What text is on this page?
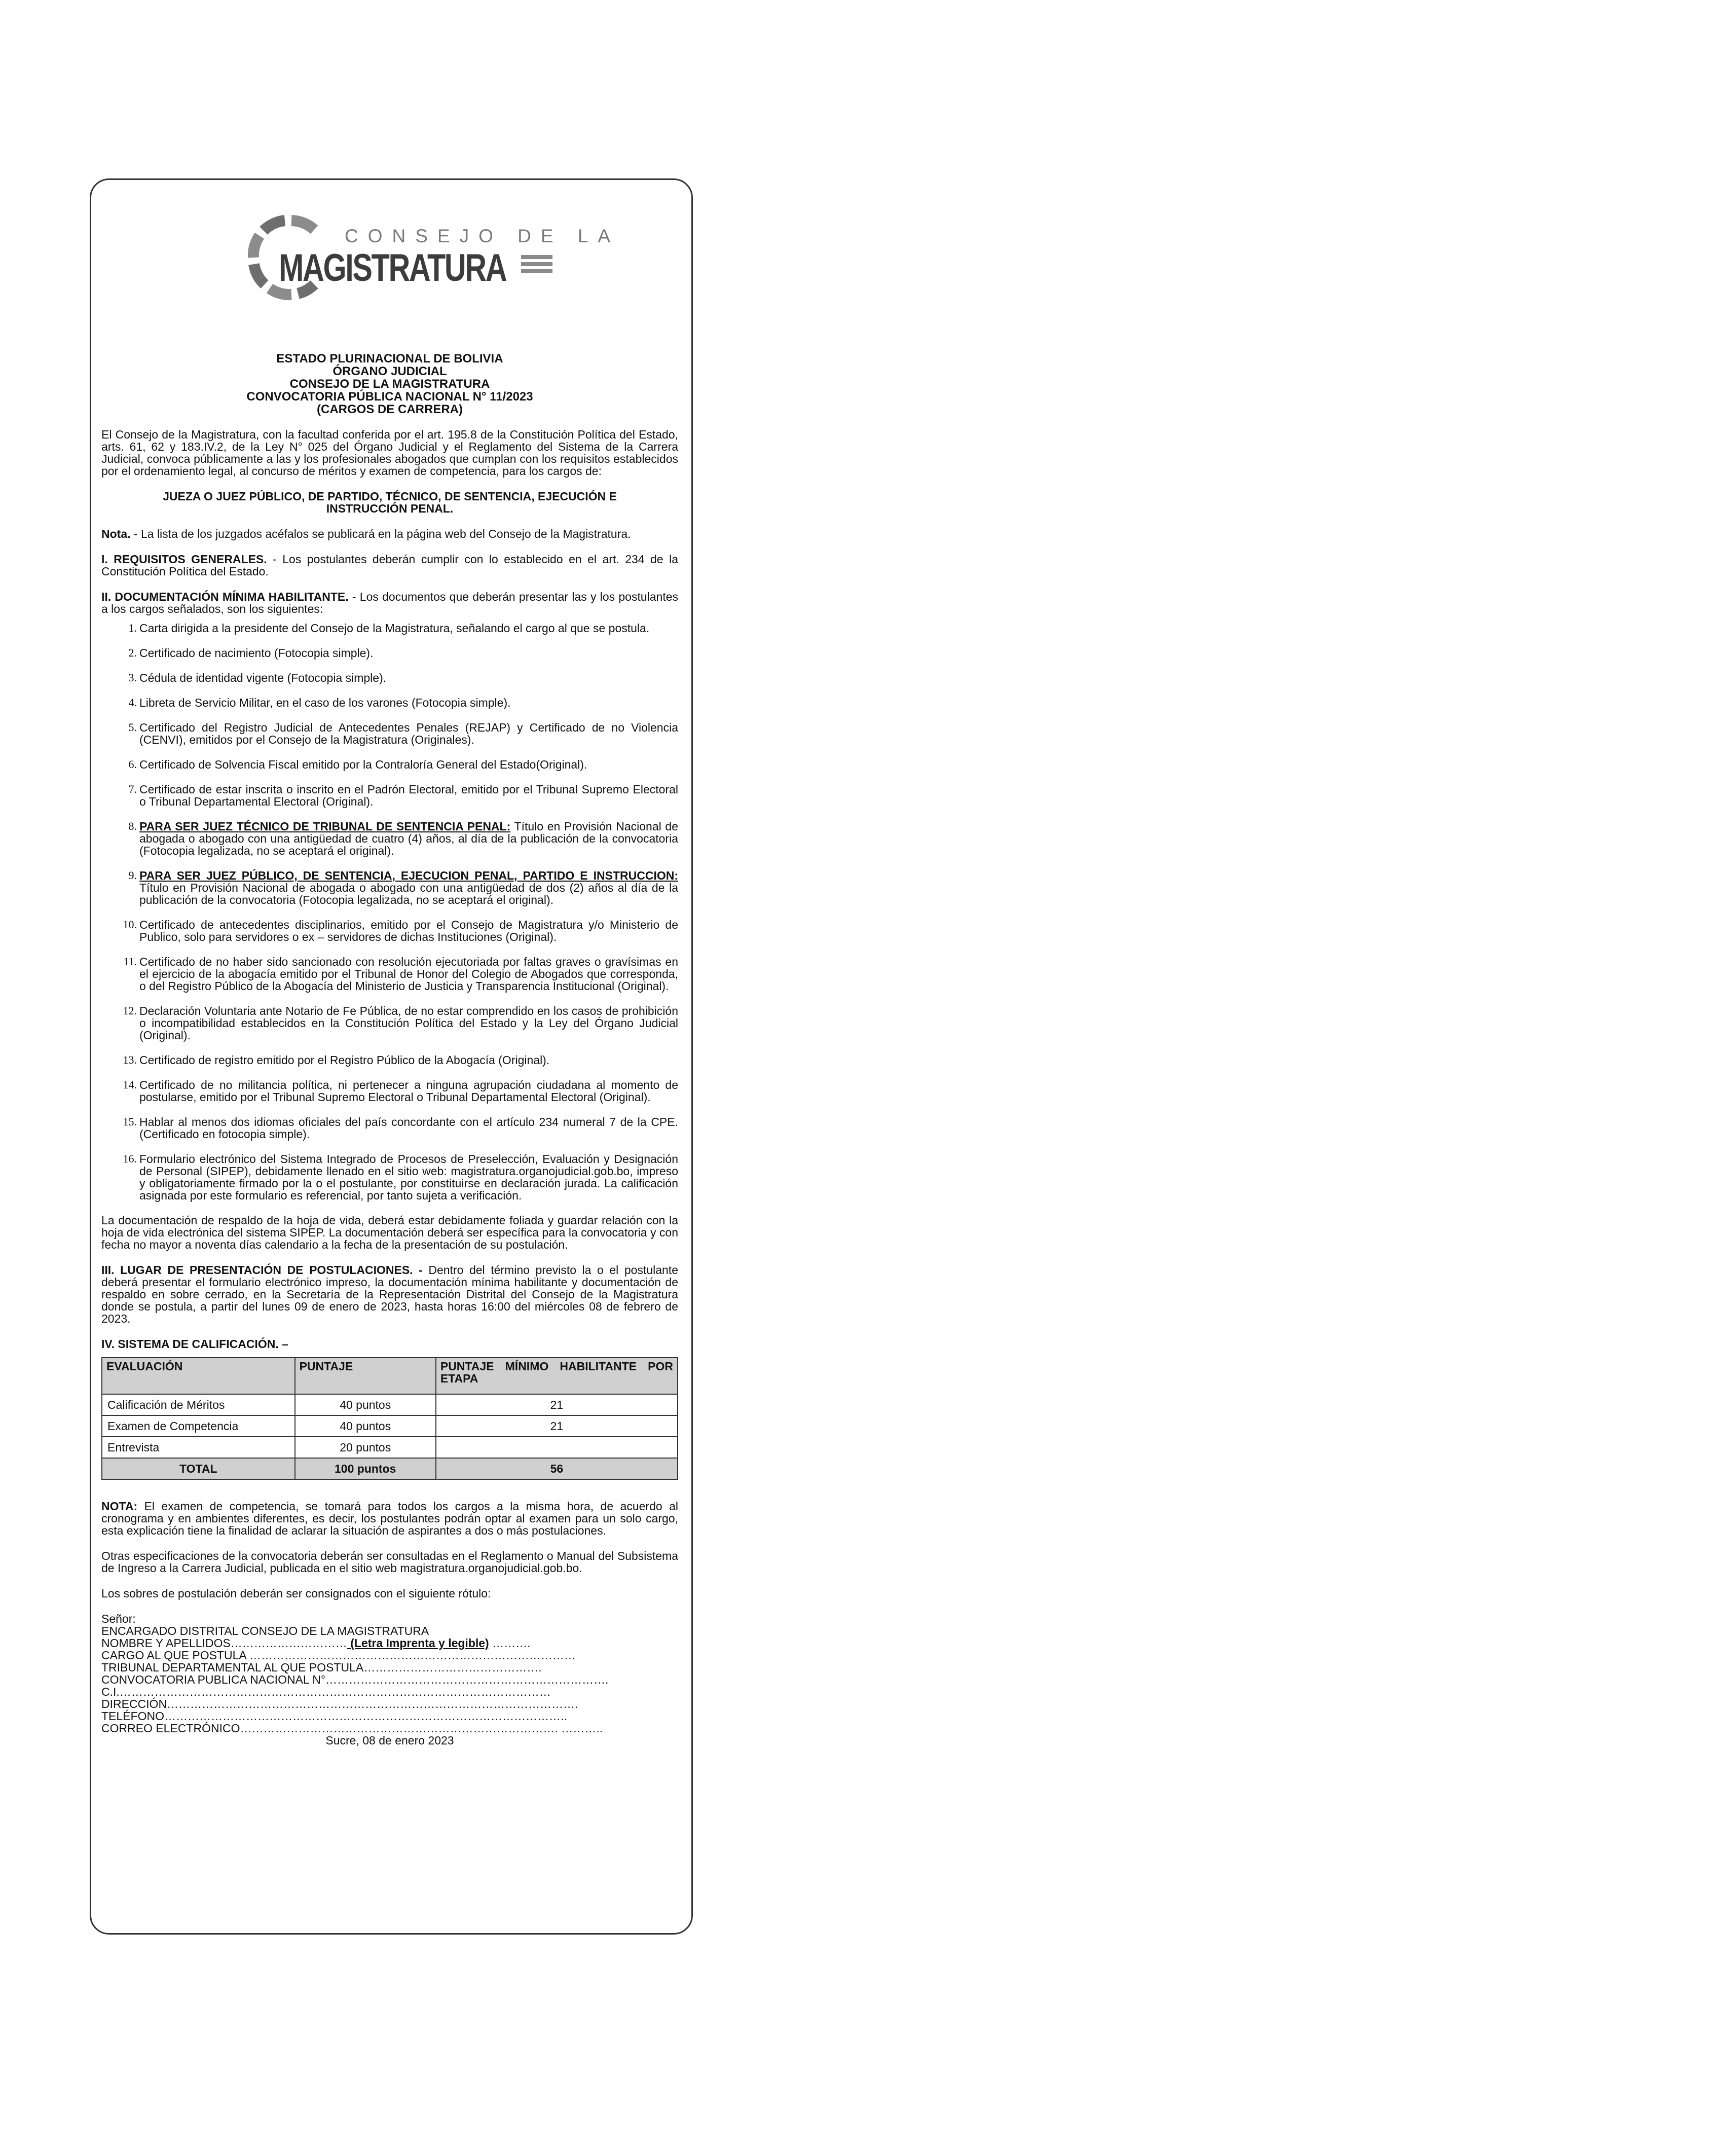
CONSEJO DE LA
MAGISTRATURA
ESTADO PLURINACIONAL DE BOLIVIA
ÓRGANO JUDICIAL
CONSEJO DE LA MAGISTRATURA
CONVOCATORIA PÚBLICA NACIONAL N° 11/2023
(CARGOS DE CARRERA)

El Consejo de la Magistratura, con la facultad conferida por el art. 195.8 de la Constitución Política del Estado, arts. 61, 62 y 183.IV.2, de la Ley N° 025 del Órgano Judicial y el Reglamento del Sistema de la Carrera Judicial, convoca públicamente a las y los profesionales abogados que cumplan con los requisitos establecidos por el ordenamiento legal, al concurso de méritos y examen de competencia, para los cargos de:

JUEZA O JUEZ PÚBLICO, DE PARTIDO, TÉCNICO, DE SENTENCIA, EJECUCIÓN E INSTRUCCIÓN PENAL.

Nota. - La lista de los juzgados acéfalos se publicará en la página web del Consejo de la Magistratura.

I. REQUISITOS GENERALES. - Los postulantes deberán cumplir con lo establecido en el art. 234 de la Constitución Política del Estado.

II. DOCUMENTACIÓN MÍNIMA HABILITANTE. - Los documentos que deberán presentar las y los postulantes a los cargos señalados, son los siguientes:

1. Carta dirigida a la presidente del Consejo de la Magistratura, señalando el cargo al que se postula.
2. Certificado de nacimiento (Fotocopia simple).
3. Cédula de identidad vigente (Fotocopia simple).
4. Libreta de Servicio Militar, en el caso de los varones (Fotocopia simple).
5. Certificado del Registro Judicial de Antecedentes Penales (REJAP) y Certificado de no Violencia (CENVI), emitidos por el Consejo de la Magistratura (Originales).
6. Certificado de Solvencia Fiscal emitido por la Contraloría General del Estado(Original).
7. Certificado de estar inscrita o inscrito en el Padrón Electoral, emitido por el Tribunal Supremo Electoral o Tribunal Departamental Electoral (Original).
8. PARA SER JUEZ TÉCNICO DE TRIBUNAL DE SENTENCIA PENAL: Título en Provisión Nacional de abogada o abogado con una antigüedad de cuatro (4) años, al día de la publicación de la convocatoria (Fotocopia legalizada, no se aceptará el original).
9. PARA SER JUEZ PÚBLICO, DE SENTENCIA, EJECUCION PENAL, PARTIDO E INSTRUCCION: Título en Provisión Nacional de abogada o abogado con una antigüedad de dos (2) años al día de la publicación de la convocatoria (Fotocopia legalizada, no se aceptará el original).
10. Certificado de antecedentes disciplinarios, emitido por el Consejo de Magistratura y/o Ministerio de Publico, solo para servidores o ex – servidores de dichas Instituciones (Original).
11. Certificado de no haber sido sancionado con resolución ejecutoriada por faltas graves o gravísimas en el ejercicio de la abogacía emitido por el Tribunal de Honor del Colegio de Abogados que corresponda, o del Registro Público de la Abogacía del Ministerio de Justicia y Transparencia Institucional (Original).
12. Declaración Voluntaria ante Notario de Fe Pública, de no estar comprendido en los casos de prohibición o incompatibilidad establecidos en la Constitución Política del Estado y la Ley del Órgano Judicial (Original).
13. Certificado de registro emitido por el Registro Público de la Abogacía (Original).
14. Certificado de no militancia política, ni pertenecer a ninguna agrupación ciudadana al momento de postularse, emitido por el Tribunal Supremo Electoral o Tribunal Departamental Electoral (Original).
15. Hablar al menos dos idiomas oficiales del país concordante con el artículo 234 numeral 7 de la CPE. (Certificado en fotocopia simple).
16. Formulario electrónico del Sistema Integrado de Procesos de Preselección, Evaluación y Designación de Personal (SIPEP), debidamente llenado en el sitio web: magistratura.organojudicial.gob.bo, impreso y obligatoriamente firmado por la o el postulante, por constituirse en declaración jurada. La calificación asignada por este formulario es referencial, por tanto sujeta a verificación.

La documentación de respaldo de la hoja de vida, deberá estar debidamente foliada y guardar relación con la hoja de vida electrónica del sistema SIPEP. La documentación deberá ser específica para la convocatoria y con fecha no mayor a noventa días calendario a la fecha de la presentación de su postulación.

III. LUGAR DE PRESENTACIÓN DE POSTULACIONES. - Dentro del término previsto la o el postulante deberá presentar el formulario electrónico impreso, la documentación mínima habilitante y documentación de respaldo en sobre cerrado, en la Secretaría de la Representación Distrital del Consejo de la Magistratura donde se postula, a partir del lunes 09 de enero de 2023, hasta horas 16:00 del miércoles 08 de febrero de 2023.

IV. SISTEMA DE CALIFICACIÓN. –

EVALUACIÓN	PUNTAJE	PUNTAJE MÍNIMO HABILITANTE POR ETAPA
Calificación de Méritos	40 puntos	21
Examen de Competencia	40 puntos	21
Entrevista	20 puntos	
TOTAL	100 puntos	56

NOTA: El examen de competencia, se tomará para todos los cargos a la misma hora, de acuerdo al cronograma y en ambientes diferentes, es decir, los postulantes podrán optar al examen para un solo cargo, esta explicación tiene la finalidad de aclarar la situación de aspirantes a dos o más postulaciones.

Otras especificaciones de la convocatoria deberán ser consultadas en el Reglamento o Manual del Subsistema de Ingreso a la Carrera Judicial, publicada en el sitio web magistratura.organojudicial.gob.bo.

Los sobres de postulación deberán ser consignados con el siguiente rótulo:

Señor:
ENCARGADO DISTRITAL CONSEJO DE LA MAGISTRATURA
NOMBRE Y APELLIDOS………………………… (Letra Imprenta y legible) ……….
CARGO AL QUE POSTULA …………………………………………………………………………
TRIBUNAL DEPARTAMENTAL AL QUE POSTULA……………………………………….
CONVOCATORIA PUBLICA NACIONAL N°……………………………………………………………….
C.I.…………………………………………………………………………………………………
DIRECCIÓN…………………………………………………………………………………………….
TELÉFONO…………………………………………………………………………………………..
CORREO ELECTRÓNICO………………………………………………………………………. ………..
Sucre, 08 de enero 2023
